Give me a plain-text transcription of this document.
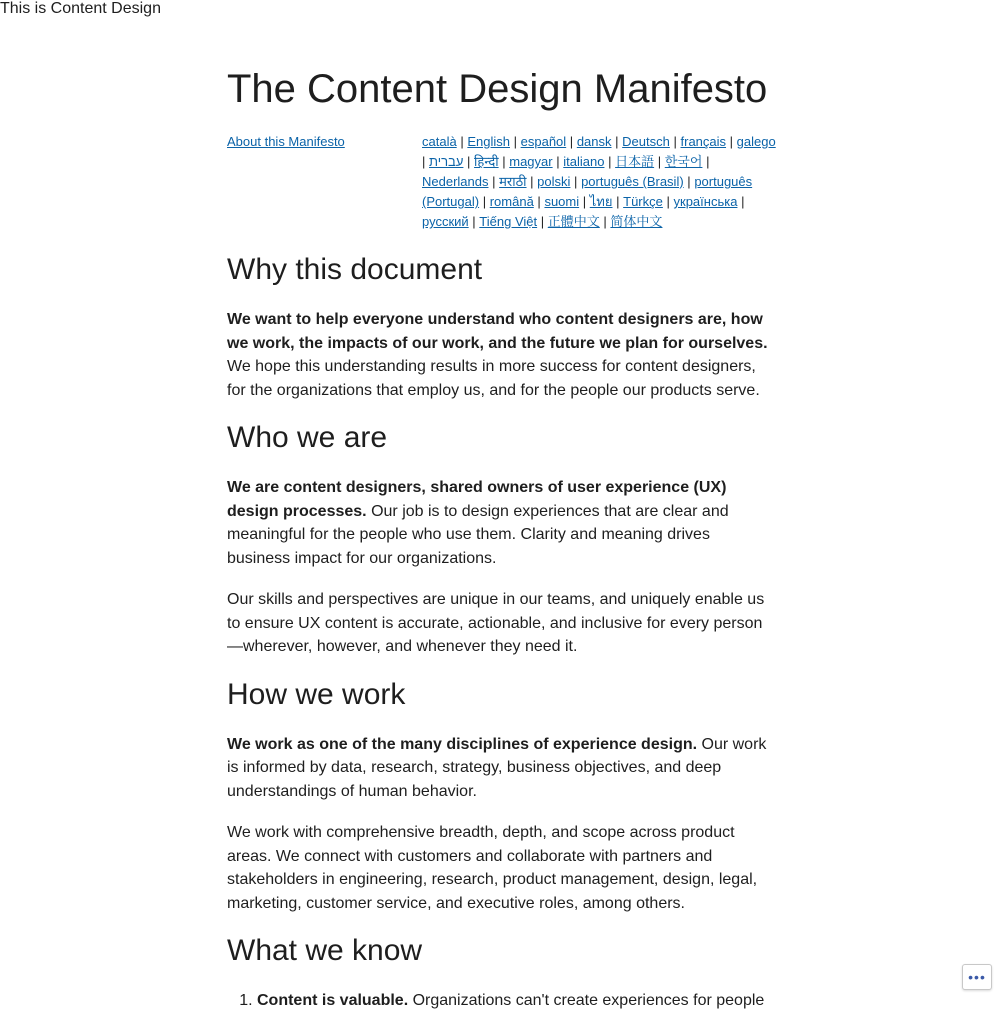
This is Content Design
The Content Design Manifesto
About this Manifesto	català | English | español | dansk | Deutsch | français | galego | עברית | हिन्दी | magyar | italiano | 日本語 | 한국어 | Nederlands | मराठी | polski | português (Brasil) | português (Portugal) | română | suomi | ไทย | Türkçe | українська | русский | Tiếng Việt | 正體中文 | 简体中文
Why this document

We want to help everyone understand who content designers are, how we work, the impacts of our work, and the future we plan for ourselves. We hope this understanding results in more success for content designers, for the organizations that employ us, and for the people our products serve.

Who we are

We are content designers, shared owners of user experience (UX) design processes. Our job is to design experiences that are clear and meaningful for the people who use them. Clarity and meaning drives business impact for our organizations.

Our skills and perspectives are unique in our teams, and uniquely enable us to ensure UX content is accurate, actionable, and inclusive for every person—wherever, however, and whenever they need it.

How we work

We work as one of the many disciplines of experience design. Our work is informed by data, research, strategy, business objectives, and deep understandings of human behavior.

We work with comprehensive breadth, depth, and scope across product areas. We connect with customers and collaborate with partners and stakeholders in engineering, research, product management, design, legal, marketing, customer service, and executive roles, among others.

What we know
1. Content is valuable. Organizations can't create experiences for people
•••
